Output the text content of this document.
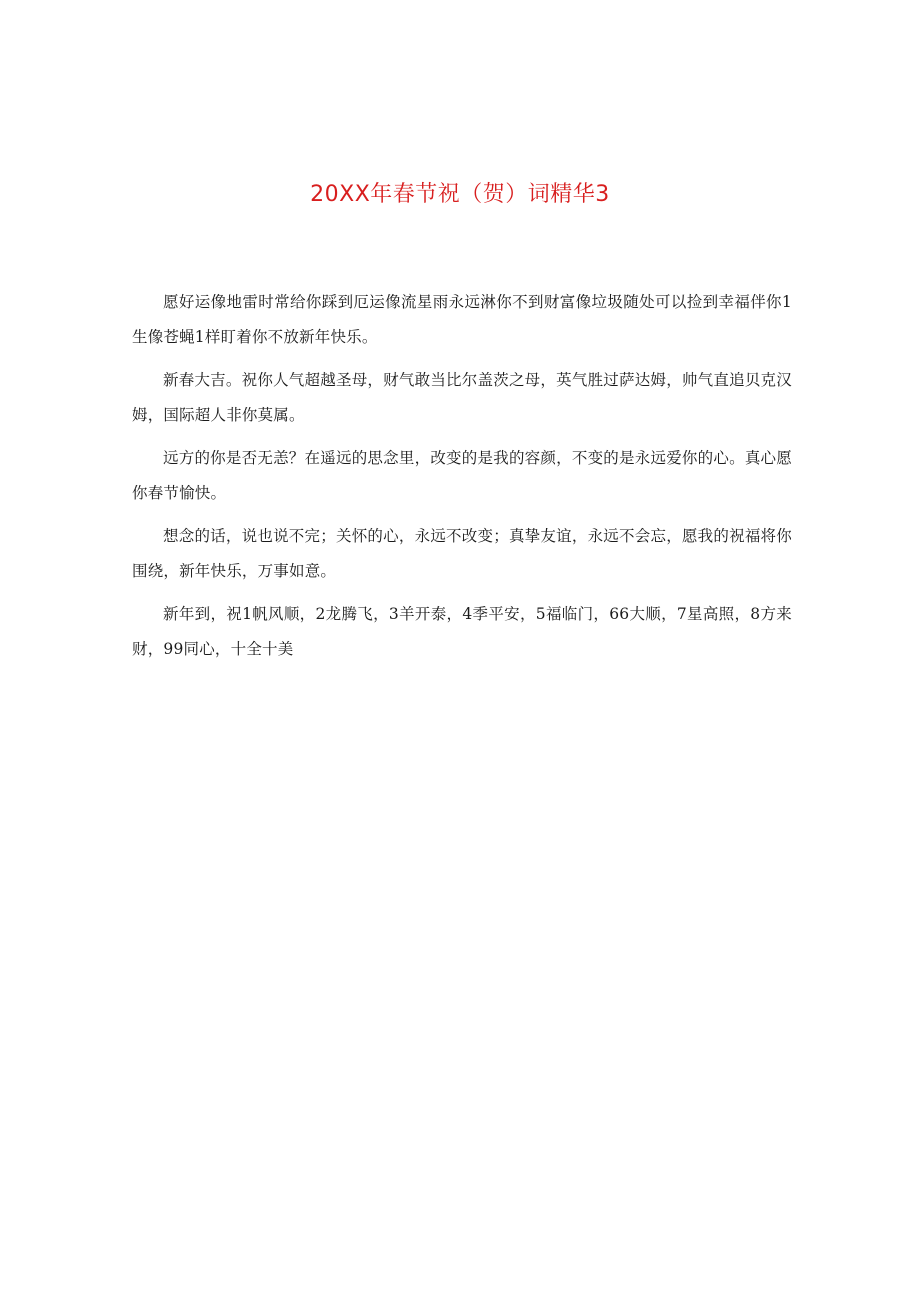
20XX年春节祝（贺）词精华3

愿好运像地雷时常给你踩到厄运像流星雨永远淋你不到财富像垃圾随处可以捡到幸福伴你1生像苍蝇1样盯着你不放新年快乐。

新春大吉。祝你人气超越圣母，财气敢当比尔盖茨之母，英气胜过萨达姆，帅气直追贝克汉姆，国际超人非你莫属。

远方的你是否无恙？在遥远的思念里，改变的是我的容颜，不变的是永远爱你的心。真心愿你春节愉快。

想念的话，说也说不完；关怀的心，永远不改变；真挚友谊，永远不会忘，愿我的祝福将你围绕，新年快乐，万事如意。

新年到，祝1帆风顺，2龙腾飞，3羊开泰，4季平安，5福临门，66大顺，7星高照，8方来财，99同心，十全十美
